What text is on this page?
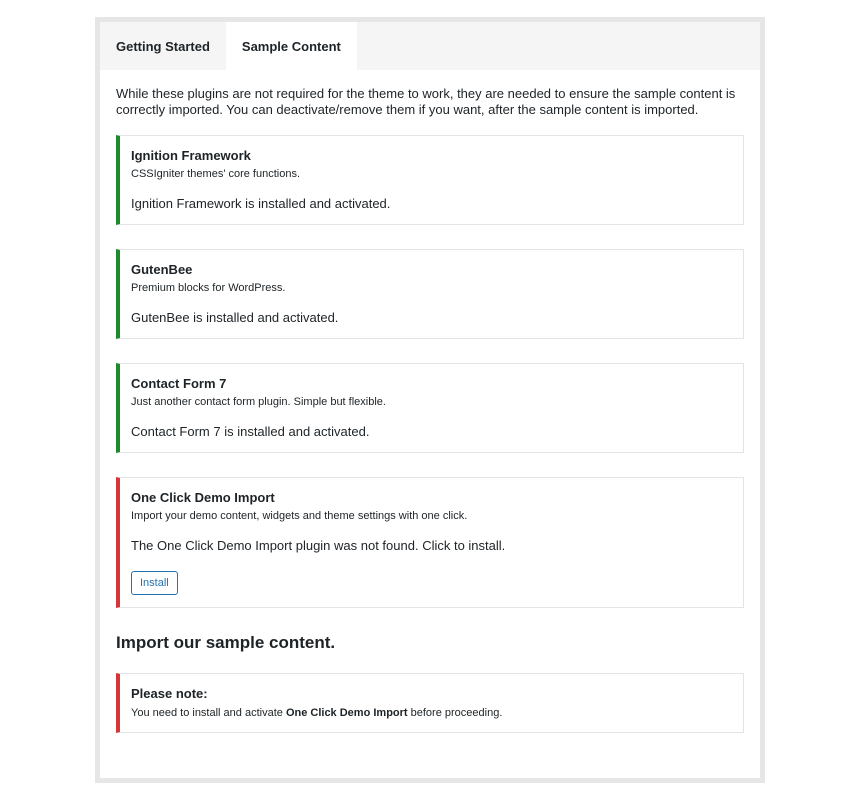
Getting Started	Sample Content

While these plugins are not required for the theme to work, they are needed to ensure the sample content is correctly imported. You can deactivate/remove them if you want, after the sample content is imported.

Ignition Framework

CSSIgniter themes' core functions.

Ignition Framework is installed and activated.

GutenBee

Premium blocks for WordPress.

GutenBee is installed and activated.

Contact Form 7

Just another contact form plugin. Simple but flexible.

Contact Form 7 is installed and activated.

One Click Demo Import

Import your demo content, widgets and theme settings with one click.

The One Click Demo Import plugin was not found. Click to install.

Install
Import our sample content.

Please note:

You need to install and activate One Click Demo Import before proceeding.
